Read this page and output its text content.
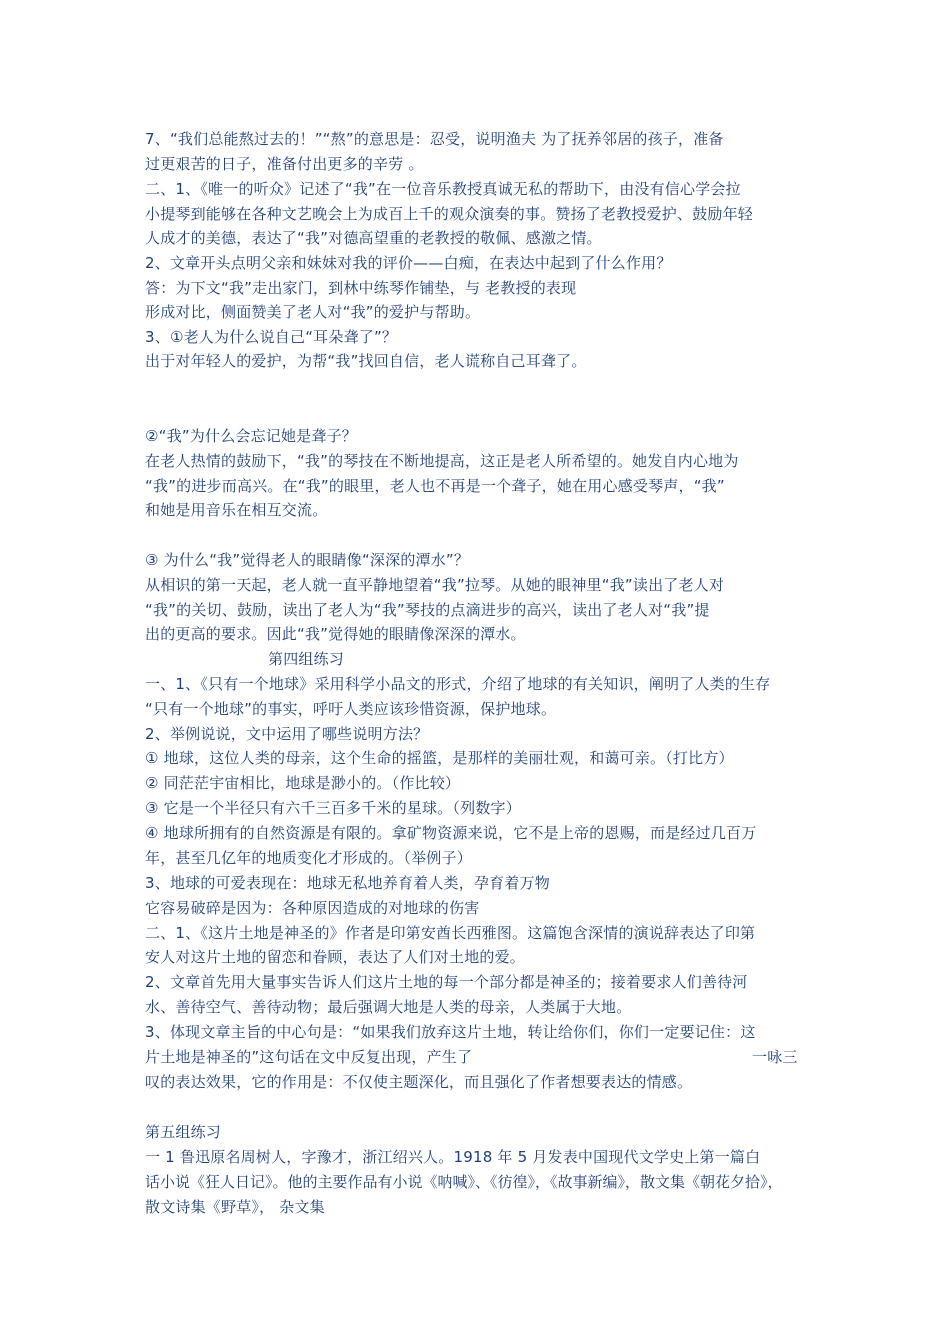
7、“我们总能熬过去的！”“熬”的意思是：忍受，说明渔夫 为了抚养邻居的孩子，准备
过更艰苦的日子，准备付出更多的辛劳 。
二、1、《唯一的听众》记述了“我”在一位音乐教授真诚无私的帮助下，由没有信心学会拉
小提琴到能够在各种文艺晚会上为成百上千的观众演奏的事。赞扬了老教授爱护、鼓励年轻
人成才的美德，表达了“我”对德高望重的老教授的敬佩、感激之情。
2、文章开头点明父亲和妹妹对我的评价——白痴，在表达中起到了什么作用？
答：为下文“我”走出家门，到林中练琴作铺垫，与 老教授的表现
形成对比，侧面赞美了老人对“我”的爱护与帮助。
3、①老人为什么说自己“耳朵聋了”？
出于对年轻人的爱护，为帮“我”找回自信，老人谎称自己耳聋了。
②“我”为什么会忘记她是聋子？
在老人热情的鼓励下，“我”的琴技在不断地提高，这正是老人所希望的。她发自内心地为
“我”的进步而高兴。在“我”的眼里，老人也不再是一个聋子，她在用心感受琴声，“我”
和她是用音乐在相互交流。
③ 为什么“我”觉得老人的眼睛像“深深的潭水”？
从相识的第一天起，老人就一直平静地望着“我”拉琴。从她的眼神里“我”读出了老人对
“我”的关切、鼓励，读出了老人为“我”琴技的点滴进步的高兴，读出了老人对“我”提
出的更高的要求。因此“我”觉得她的眼睛像深深的潭水。
第四组练习
一、1、《只有一个地球》采用科学小品文的形式，介绍了地球的有关知识，阐明了人类的生存
“只有一个地球”的事实，呼吁人类应该珍惜资源，保护地球。
2、举例说说，文中运用了哪些说明方法？
① 地球，这位人类的母亲，这个生命的摇篮，是那样的美丽壮观，和蔼可亲。（打比方）
② 同茫茫宇宙相比，地球是渺小的。（作比较）
③ 它是一个半径只有六千三百多千米的星球。（列数字）
④ 地球所拥有的自然资源是有限的。拿矿物资源来说，它不是上帝的恩赐，而是经过几百万
年，甚至几亿年的地质变化才形成的。（举例子）
3、地球的可爱表现在：地球无私地养育着人类，孕育着万物
它容易破碎是因为：各种原因造成的对地球的伤害
二、1、《这片土地是神圣的》作者是印第安酋长西雅图。这篇饱含深情的演说辞表达了印第
安人对这片土地的留恋和眷顾，表达了人们对土地的爱。
2、文章首先用大量事实告诉人们这片土地的每一个部分都是神圣的；接着要求人们善待河
水、善待空气、善待动物；最后强调大地是人类的母亲，人类属于大地。
3、体现文章主旨的中心句是：“如果我们放弃这片土地，转让给你们，你们一定要记住：这
片土地是神圣的”这句话在文中反复出现，产生了	一咏三
叹的表达效果，它的作用是：不仅使主题深化，而且强化了作者想要表达的情感。
第五组练习
一 1 鲁迅原名周树人，字豫才，浙江绍兴人。1918 年 5 月发表中国现代文学史上第一篇白
话小说《狂人日记》。他的主要作品有小说《呐喊》、《彷徨》，《故事新编》，散文集《朝花夕拾》，
散文诗集《野草》， 杂文集
